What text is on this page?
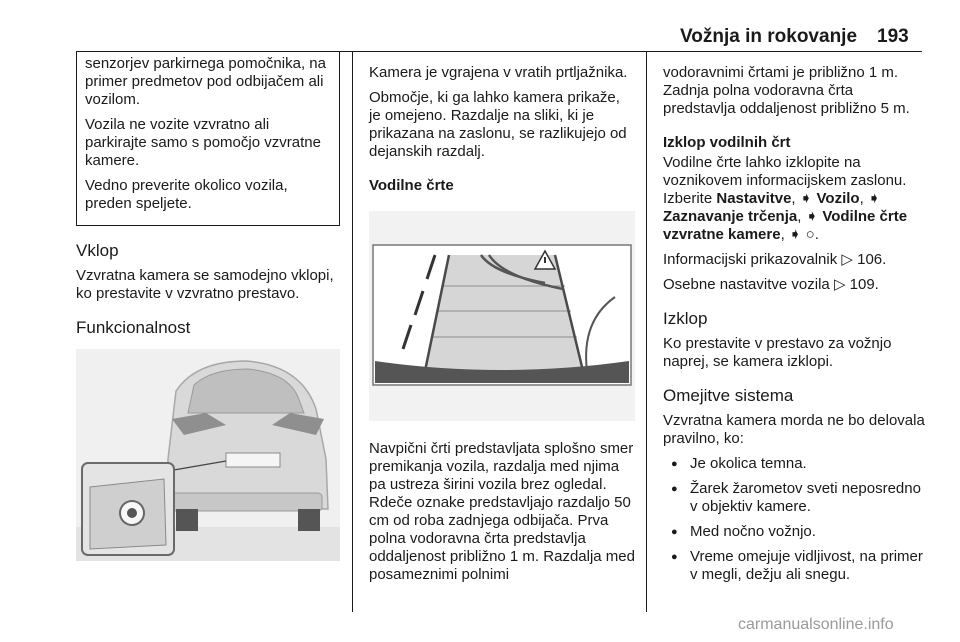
Vožnja in rokovanje 193

senzorjev parkirnega pomočnika, na primer predmetov pod odbijačem ali vozilom.

Vozila ne vozite vzvratno ali parkirajte samo s pomočjo vzvratne kamere.

Vedno preverite okolico vozila, preden speljete.

Vklop

Vzvratna kamera se samodejno vklopi, ko prestavite v vzvratno prestavo.

Funkcionalnost

Kamera je vgrajena v vratih prtljažnika.

Območje, ki ga lahko kamera prikaže, je omejeno. Razdalje na sliki, ki je prikazana na zaslonu, se razlikujejo od dejanskih razdalj.

Vodilne črte

Navpični črti predstavljata splošno smer premikanja vozila, razdalja med njima pa ustreza širini vozila brez ogledal. Rdeče oznake predstavljajo razdaljo 50 cm od roba zadnjega odbijača. Prva polna vodoravna črta predstavlja oddaljenost približno 1 m. Razdalja med posameznimi polnimi

vodoravnimi črtami je približno 1 m. Zadnja polna vodoravna črta predstavlja oddaljenost približno 5 m.

Izklop vodilnih črt

Vodilne črte lahko izklopite na voznikovem informacijskem zaslonu. Izberite Nastavitve, ➧ Vozilo, ➧ Zaznavanje trčenja, ➧ Vodilne črte vzvratne kamere, ➧ ○.

Informacijski prikazovalnik ▷ 106.

Osebne nastavitve vozila ▷ 109.

Izklop

Ko prestavite v prestavo za vožnjo naprej, se kamera izklopi.

Omejitve sistema

Vzvratna kamera morda ne bo delovala pravilno, ko:

● Je okolica temna.
● Žarek žarometov sveti neposredno v objektiv kamere.
● Med nočno vožnjo.
● Vreme omejuje vidljivost, na primer v megli, dežju ali snegu.
carmanualsonline.info
